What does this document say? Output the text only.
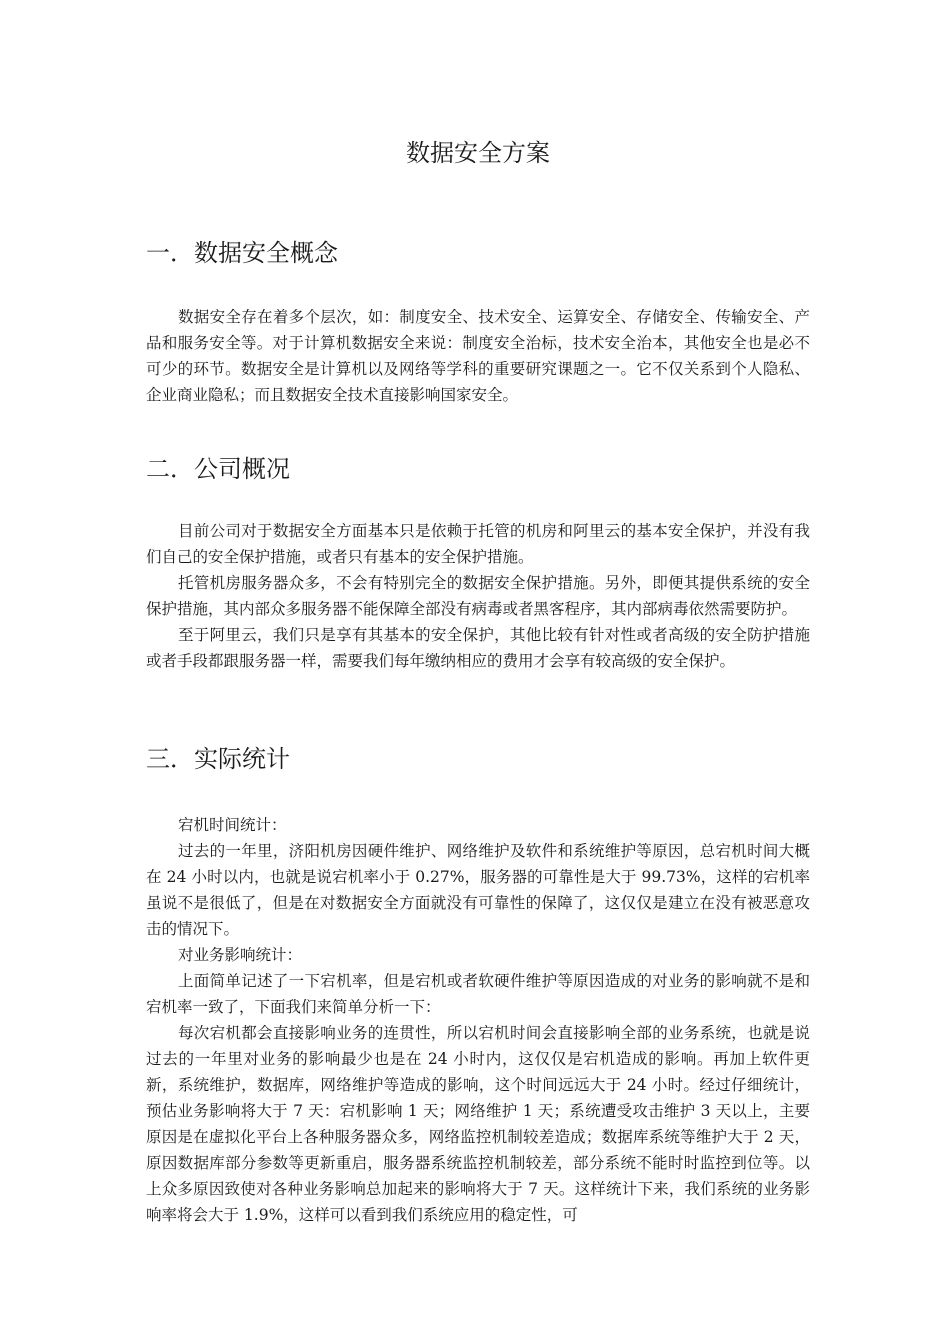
数据安全方案
一．数据安全概念

数据安全存在着多个层次，如：制度安全、技术安全、运算安全、存储安全、传输安全、产品和服务安全等。对于计算机数据安全来说：制度安全治标，技术安全治本，其他安全也是必不可少的环节。数据安全是计算机以及网络等学科的重要研究课题之一。它不仅关系到个人隐私、企业商业隐私；而且数据安全技术直接影响国家安全。

二．公司概况

目前公司对于数据安全方面基本只是依赖于托管的机房和阿里云的基本安全保护，并没有我们自己的安全保护措施，或者只有基本的安全保护措施。

托管机房服务器众多，不会有特别完全的数据安全保护措施。另外，即便其提供系统的安全保护措施，其内部众多服务器不能保障全部没有病毒或者黑客程序，其内部病毒依然需要防护。

至于阿里云，我们只是享有其基本的安全保护，其他比较有针对性或者高级的安全防护措施或者手段都跟服务器一样，需要我们每年缴纳相应的费用才会享有较高级的安全保护。

三．实际统计

宕机时间统计：

过去的一年里，济阳机房因硬件维护、网络维护及软件和系统维护等原因，总宕机时间大概在 24 小时以内，也就是说宕机率小于 0.27%，服务器的可靠性是大于 99.73%，这样的宕机率虽说不是很低了，但是在对数据安全方面就没有可靠性的保障了，这仅仅是建立在没有被恶意攻击的情况下。

对业务影响统计：

上面简单记述了一下宕机率，但是宕机或者软硬件维护等原因造成的对业务的影响就不是和宕机率一致了，下面我们来简单分析一下：

每次宕机都会直接影响业务的连贯性，所以宕机时间会直接影响全部的业务系统，也就是说过去的一年里对业务的影响最少也是在 24 小时内，这仅仅是宕机造成的影响。再加上软件更新，系统维护，数据库，网络维护等造成的影响，这个时间远远大于 24 小时。经过仔细统计，预估业务影响将大于 7 天：宕机影响 1 天；网络维护 1 天；系统遭受攻击维护 3 天以上，主要原因是在虚拟化平台上各种服务器众多，网络监控机制较差造成；数据库系统等维护大于 2 天，原因数据库部分参数等更新重启，服务器系统监控机制较差，部分系统不能时时监控到位等。以上众多原因致使对各种业务影响总加起来的影响将大于 7 天。这样统计下来，我们系统的业务影响率将会大于 1.9%，这样可以看到我们系统应用的稳定性，可
